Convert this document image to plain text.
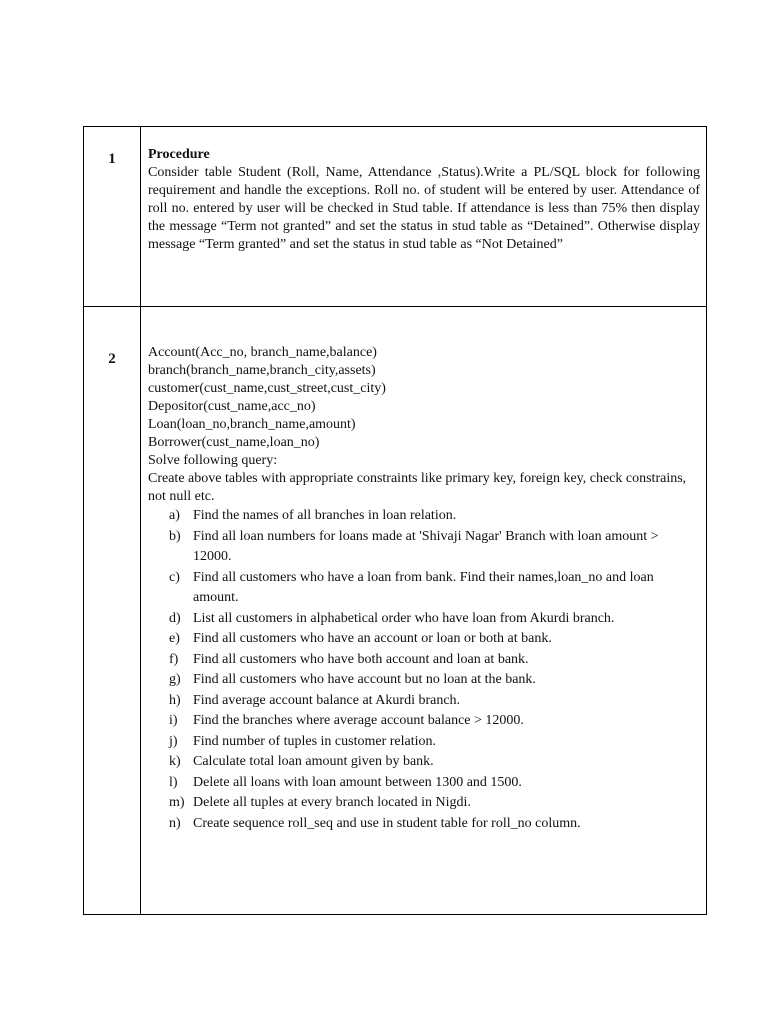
1	Procedure
Consider table Student (Roll, Name, Attendance ,Status).Write a PL/SQL block for following requirement and handle the exceptions. Roll no. of student will be entered by user. Attendance of roll no. entered by user will be checked in Stud table. If attendance is less than 75% then display the message “Term not granted” and set the status in stud table as “Detained”. Otherwise display message “Term granted” and set the status in stud table as “Not Detained”
2	Account(Acc_no, branch_name,balance)
branch(branch_name,branch_city,assets)
customer(cust_name,cust_street,cust_city)
Depositor(cust_name,acc_no)
Loan(loan_no,branch_name,amount)
Borrower(cust_name,loan_no)
Solve following query:
Create above tables with appropriate constraints like primary key, foreign key, check constrains, not null etc.
a) Find the names of all branches in loan relation.
b) Find all loan numbers for loans made at 'Shivaji Nagar' Branch with loan amount > 12000.
c) Find all customers who have a loan from bank. Find their names,loan_no and loan amount.
d) List all customers in alphabetical order who have loan from Akurdi branch.
e) Find all customers who have an account or loan or both at bank.
f)	Find all customers who have both account and loan at bank.
g) Find all customers who have account but no loan at the bank.
h) Find average account balance at Akurdi branch.
i)	Find the branches where average account balance > 12000.
j)	Find number of tuples in customer relation.
k) Calculate total loan amount given by bank.
l)	Delete all loans with loan amount between 1300 and 1500.
m) Delete all tuples at every branch located in Nigdi.
n) Create sequence roll_seq and use in student table for roll_no column.
